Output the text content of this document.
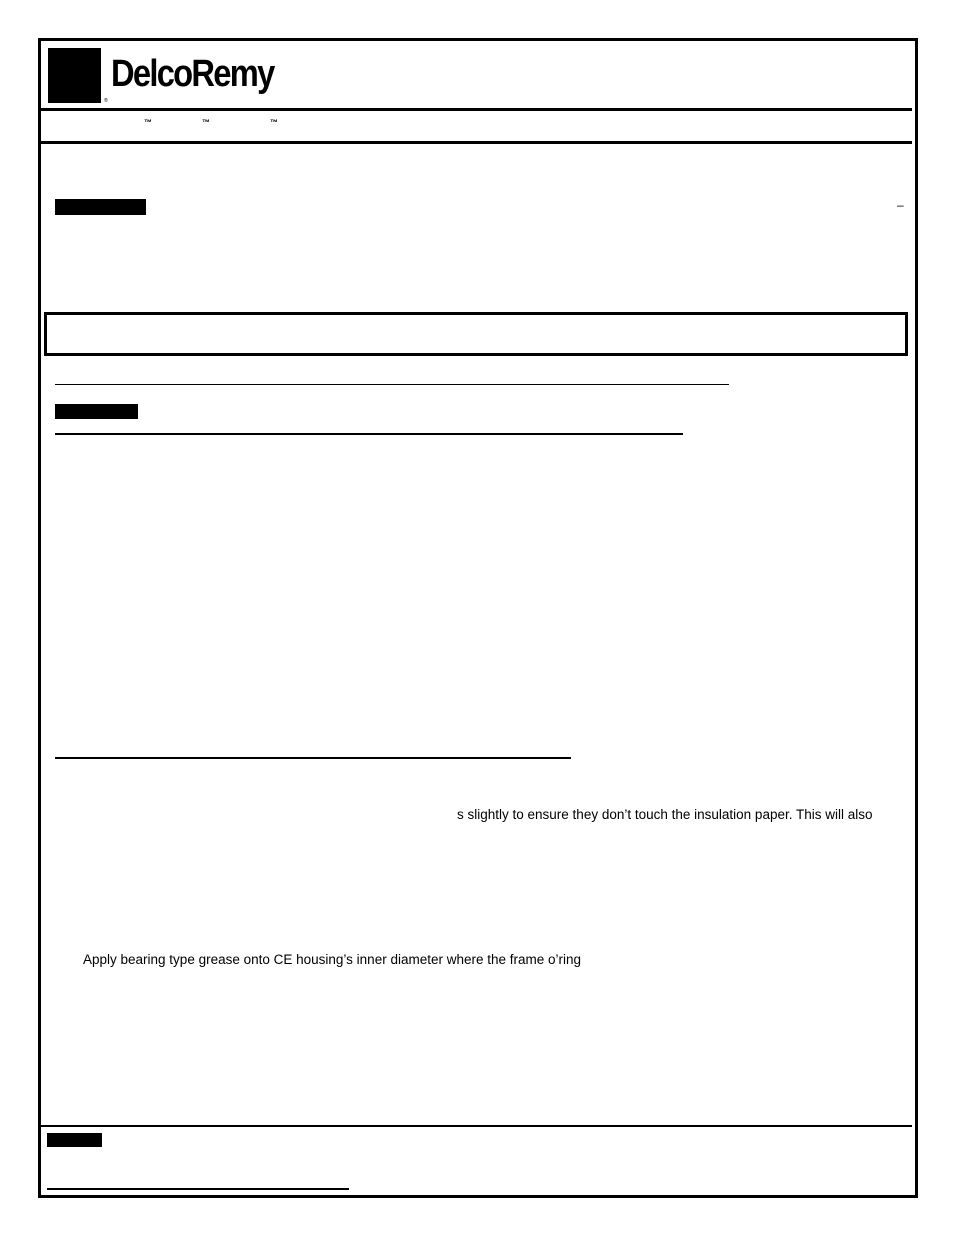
®
DelcoRemy
™	™	™
–
s slightly to ensure they don’t touch the insulation paper. This will also
Apply bearing type grease onto CE housing’s inner diameter where the frame o’ring
